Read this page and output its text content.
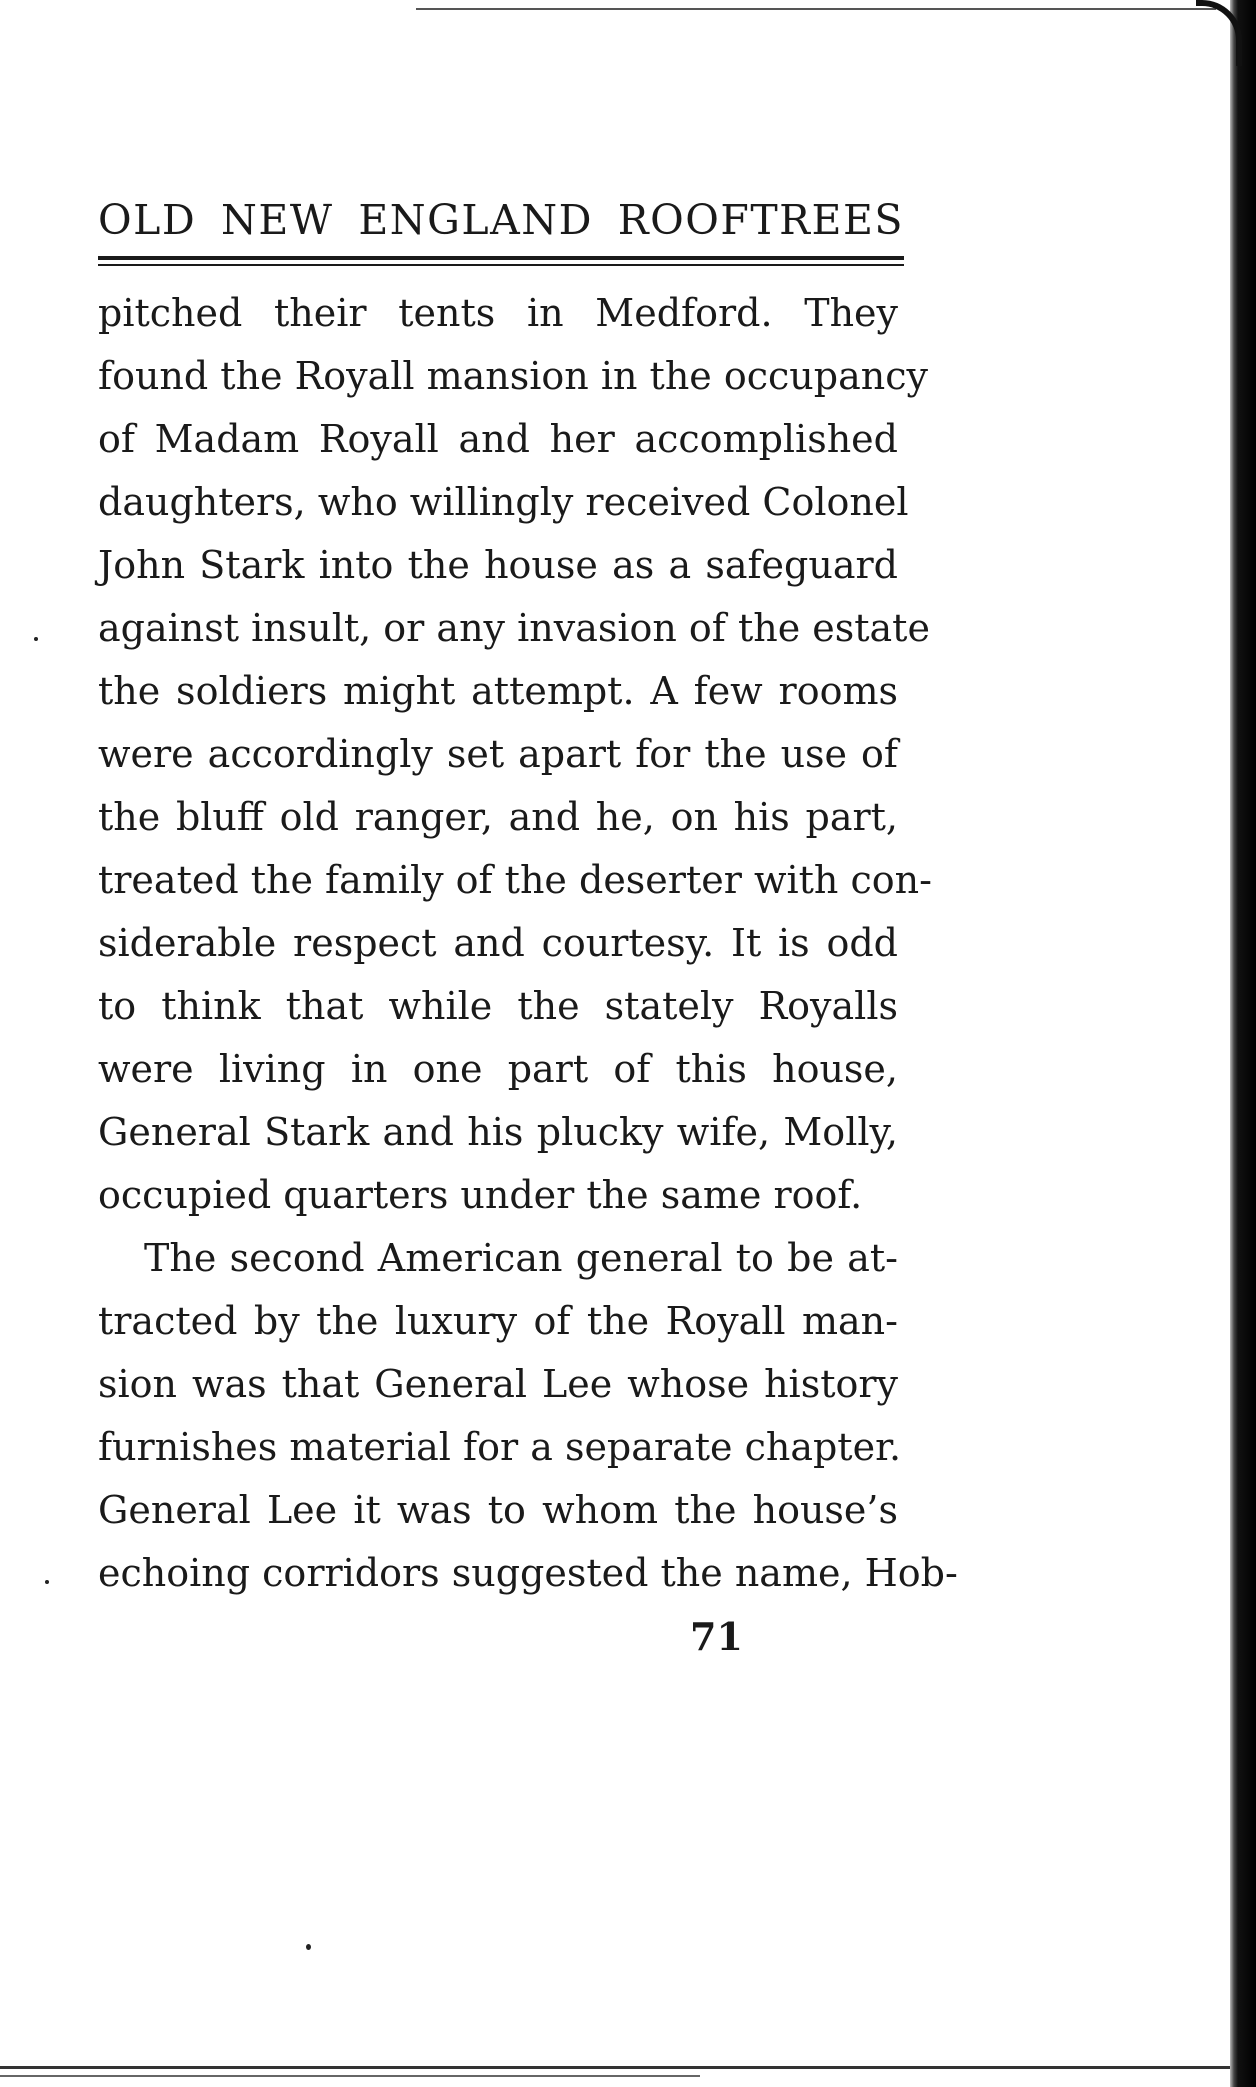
OLD NEW ENGLAND ROOFTREES
pitched their tents in Medford. They
found the Royall mansion in the occupancy
of Madam Royall and her accomplished
daughters, who willingly received Colonel
John Stark into the house as a safeguard
against insult, or any invasion of the estate
the soldiers might attempt. A few rooms
were accordingly set apart for the use of
the bluff old ranger, and he, on his part,
treated the family of the deserter with con-
siderable respect and courtesy. It is odd
to think that while the stately Royalls
were living in one part of this house,
General Stark and his plucky wife, Molly,
occupied quarters under the same roof.
The second American general to be at-
tracted by the luxury of the Royall man-
sion was that General Lee whose history
furnishes material for a separate chapter.
General Lee it was to whom the house’s
echoing corridors suggested the name, Hob-
71
